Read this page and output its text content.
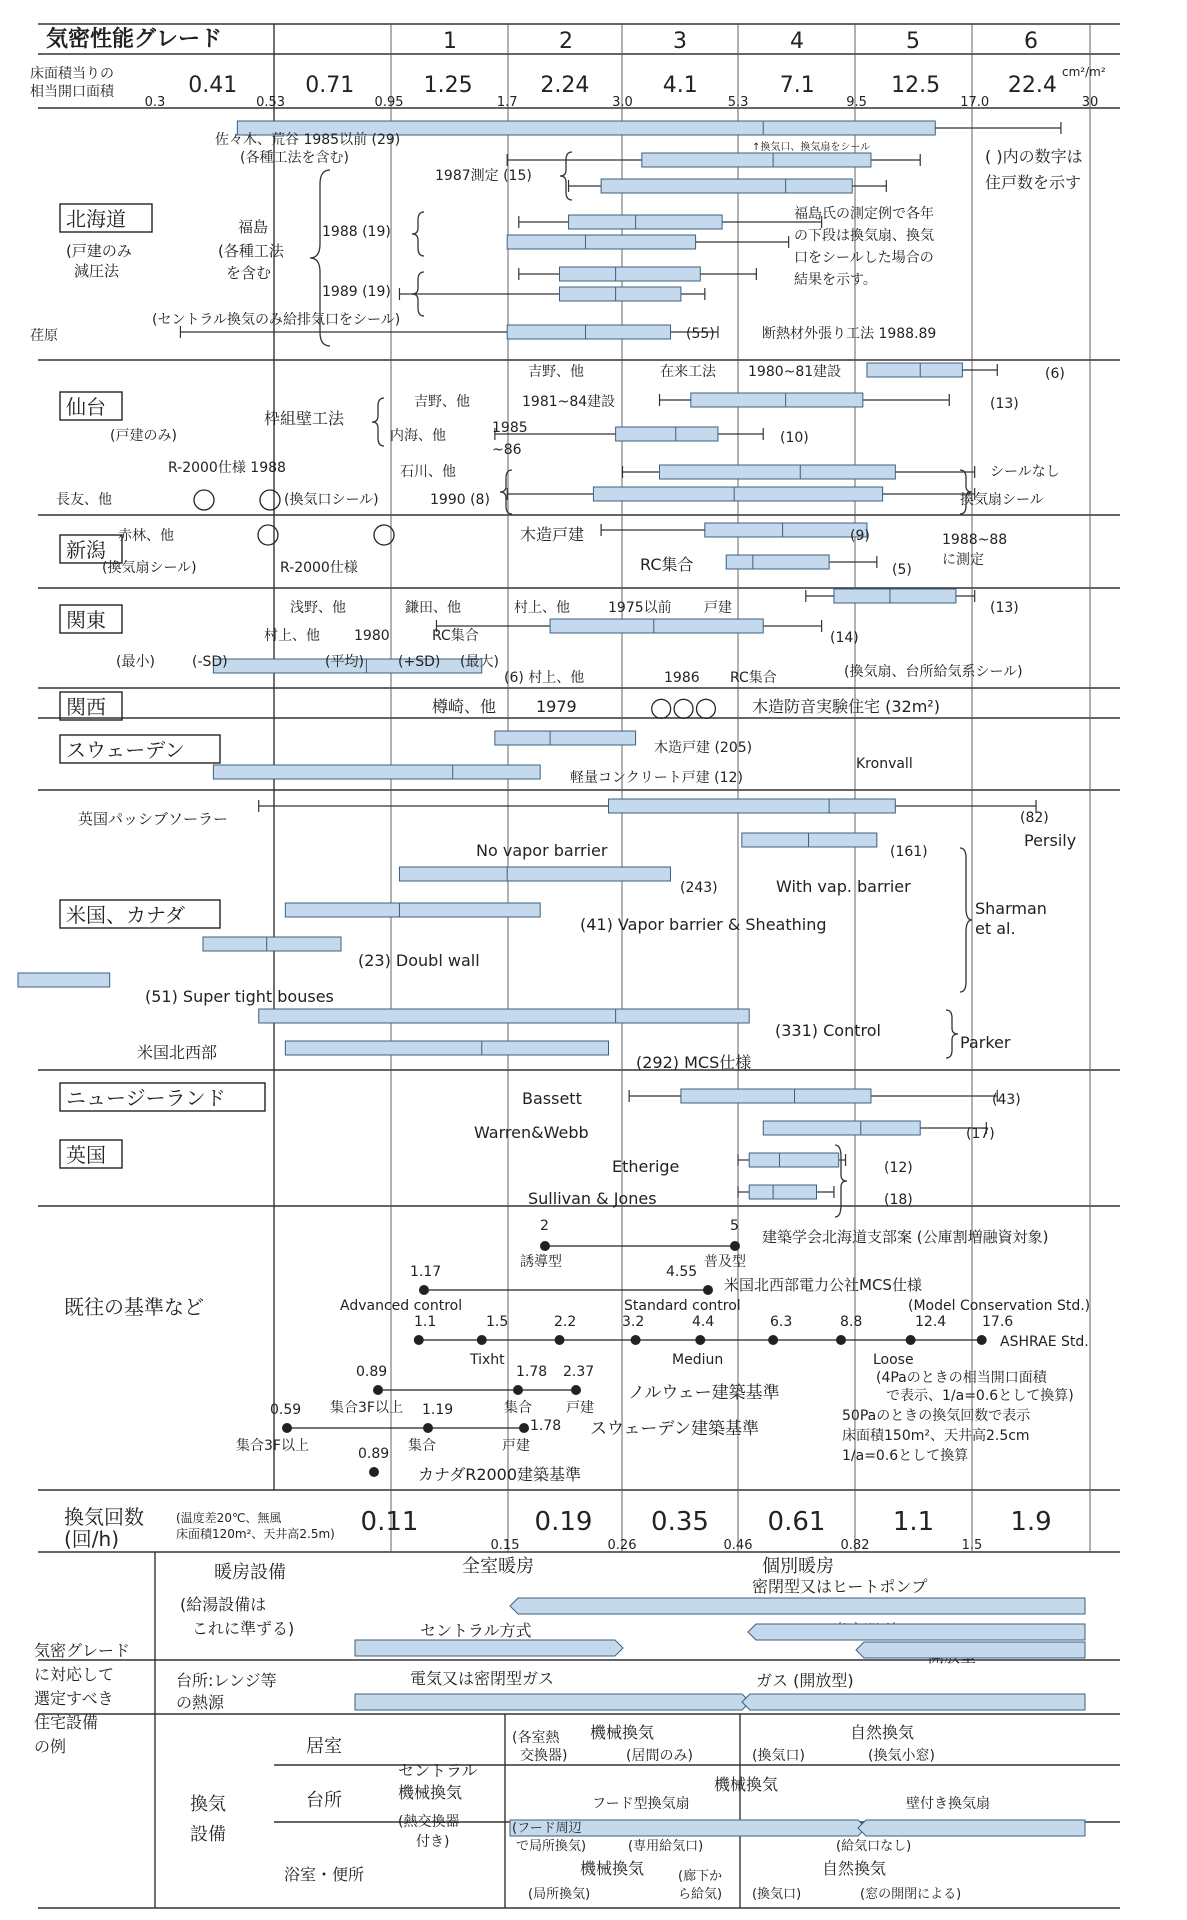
気密性能グレード	1	2	3	4	5	6
床面積当りの
相当開口面積	0.41	0.71	1.25	2.24	4.1	7.1	12.5	22.4
0.3	0.53	0.95	1.7	3.0	5.3	9.5	17.0	30
cm²/m²
北海道
(戸建のみ
減圧法
仙台
(戸建のみ)
新潟
関東
関西
スウェーデン
米国、カナダ
ニュージーランド
英国
佐々木、荒谷 1985以前 (29)
(各種工法を含む)
↑換気口、換気扇をシール	( )内の数字は
住戸数を示す
1987測定 (15)
福島
(各種工法
を含む
1988 (19)
1989 (19)
福島氏の測定例で各年
の下段は換気扇、換気
口をシールした場合の
結果を示す。
(セントラル換気のみ給排気口をシール)
荏原	(55)	断熱材外張り工法 1988.89
吉野、他	在来工法 1980~81建設	(6)
枠組壁工法
吉野、他	1981~84建設	(13)
内海、他	1985
~86
(10)
R-2000仕様 1988	石川、他	シールなし
長友、他	(換気口シール)	1990 (8)	換気扇シール
赤林、他	木造戸建	(9)	1988~88
に測定
(換気扇シール)	R-2000仕様	RC集合	(5)
浅野、他	鎌田、他	村上、他	1975以前 戸建	(13)
村上、他 1980	RC集合	(14)
(最小)	(-SD)	(平均) (+SD) (最大)
(6) 村上、他	1986 RC集合	(換気扇、台所給気系シール)
樽崎、他 1979	◯◯◯ 木造防音実験住宅 (32m²)
木造戸建 (205)
Kronvall
軽量コンクリート戸建 (12)
英国パッシブソーラー	(82)
Persily
No vapor barrier	(161)
(243)	With vap. barrier
Sharman
et al.
(41) Vapor barrier & Sheathing
(23) Doubl wall
(51) Super tight bouses
(331) Control
米国北西部
Parker
(292) MCS仕様
Bassett	(43)
Warren&Webb	(17)
Etherige	(12)
Sullivan & Jones	(18)
既往の基準など
2	5
誘導型	普及型
建築学会北海道支部案 (公庫割増融資対象)
1.17	4.55
米国北西部電力公社MCS仕様
Advanced control	Standard control	(Model Conservation Std.)
1.1	1.5	2.2	3.2	4.4	6.3	8.8	12.4	17.6
ASHRAE Std.
Tixht	Mediun	Loose
0.89	1.78 2.37
集合3F以上	集合 戸建
ノルウェー建築基準
(4Paのときの相当開口面積
で表示、1/a=0.6として換算)
0.59	1.19
1.78
50Paのときの換気回数で表示
床面積150m²、天井高2.5cm
1/a=0.6として換算
集合3F以上	集合	戸建
スウェーデン建築基準
0.89
カナダR2000建築基準
換気回数
(回/h)
(温度差20℃、無風
床面積120m²、天井高2.5m) 0.11	0.19 0.35 0.61	1.1	1.9
0.15	0.26	0.46	0.82	1.5
気密グレード
に対応して
選定すべき
住宅設備
の例
暖房設備
(給湯設備は
これに準ずる)
全室暖房	個別暖房
密閉型又はヒートポンプ
セントラル方式
台所:レンジ等
の熱源
電気又は密閉型ガス	ガス (開放型)
換気
設備
居室
台所
浴室・便所
セントラル
機械換気
(熱交換器
付き)
機械換気
(各室熱
交換器)	(居間のみ)
自然換気
(換気口)	(換気小窓)
機械換気
フード型換気扇	壁付き換気扇
(フード周辺
で局所換気)	(専用給気口)	(給気口なし)
機械換気
(局所換気)
(廊下か
ら給気)
自然換気
(換気口)	(窓の開閉による)
